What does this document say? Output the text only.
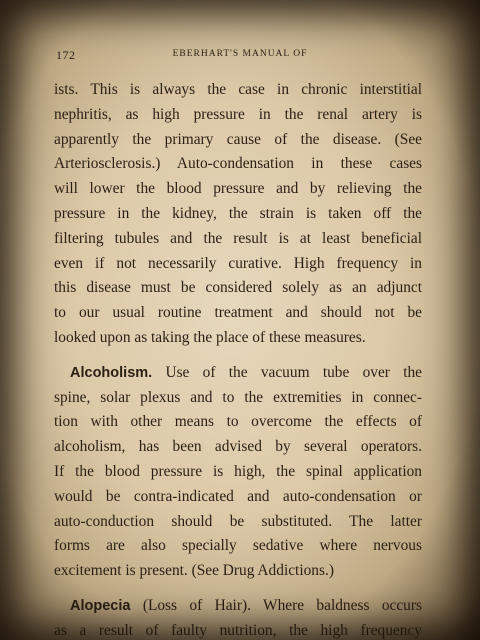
172	EBERHART'S MANUAL OF
ists. This is always the case in chronic interstitial
nephritis, as high pressure in the renal artery is
apparently the primary cause of the disease. (See
Arteriosclerosis.) Auto-condensation in these cases
will lower the blood pressure and by relieving the
pressure in the kidney, the strain is taken off the
filtering tubules and the result is at least beneficial
even if not necessarily curative. High frequency in
this disease must be considered solely as an adjunct
to our usual routine treatment and should not be
looked upon as taking the place of these measures.
Alcoholism. Use of the vacuum tube over the
spine, solar plexus and to the extremities in connec-
tion with other means to overcome the effects of
alcoholism, has been advised by several operators.
If the blood pressure is high, the spinal application
would be contra-indicated and auto-condensation or
auto-conduction should be substituted. The latter
forms are also specially sedative where nervous
excitement is present. (See Drug Addictions.)
Alopecia (Loss of Hair). Where baldness occurs
as a result of faulty nutrition, the high frequency
